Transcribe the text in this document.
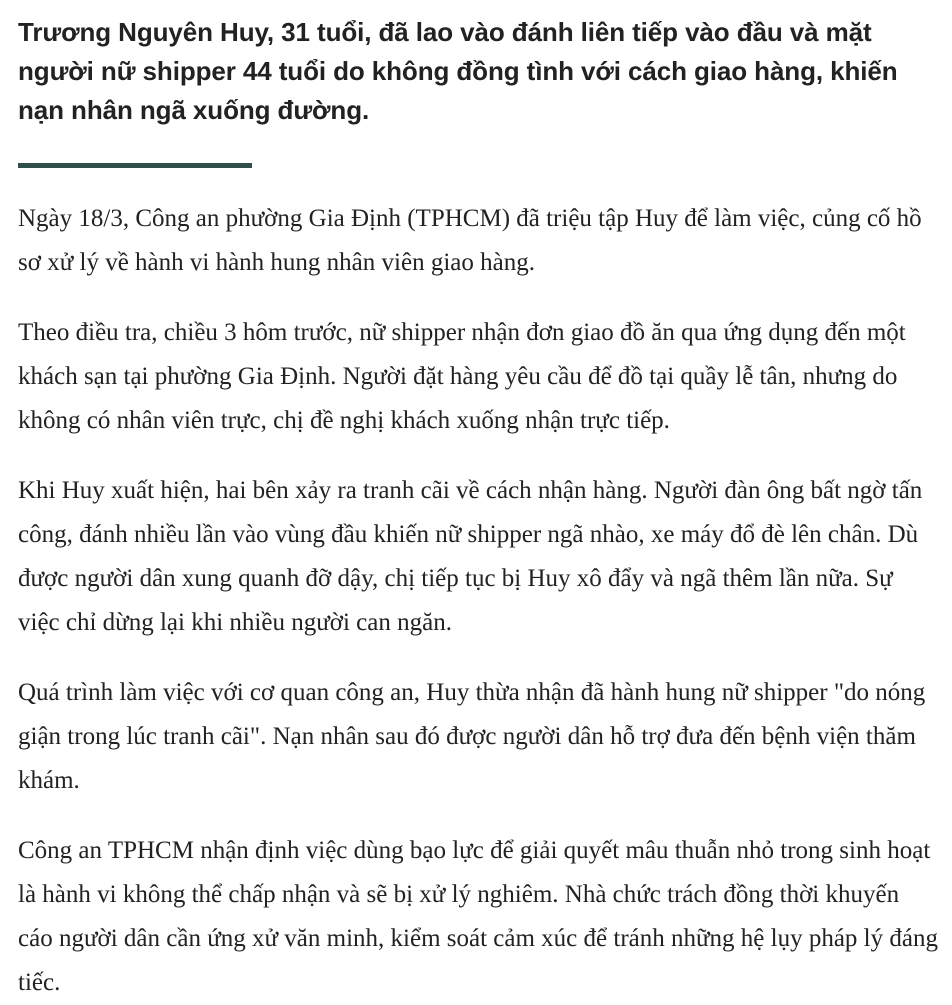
Trương Nguyên Huy, 31 tuổi, đã lao vào đánh liên tiếp vào đầu và mặt người nữ shipper 44 tuổi do không đồng tình với cách giao hàng, khiến nạn nhân ngã xuống đường.

Ngày 18/3, Công an phường Gia Định (TPHCM) đã triệu tập Huy để làm việc, củng cố hồ sơ xử lý về hành vi hành hung nhân viên giao hàng.

Theo điều tra, chiều 3 hôm trước, nữ shipper nhận đơn giao đồ ăn qua ứng dụng đến một khách sạn tại phường Gia Định. Người đặt hàng yêu cầu để đồ tại quầy lễ tân, nhưng do không có nhân viên trực, chị đề nghị khách xuống nhận trực tiếp.

Khi Huy xuất hiện, hai bên xảy ra tranh cãi về cách nhận hàng. Người đàn ông bất ngờ tấn công, đánh nhiều lần vào vùng đầu khiến nữ shipper ngã nhào, xe máy đổ đè lên chân. Dù được người dân xung quanh đỡ dậy, chị tiếp tục bị Huy xô đẩy và ngã thêm lần nữa. Sự việc chỉ dừng lại khi nhiều người can ngăn.

Quá trình làm việc với cơ quan công an, Huy thừa nhận đã hành hung nữ shipper "do nóng giận trong lúc tranh cãi". Nạn nhân sau đó được người dân hỗ trợ đưa đến bệnh viện thăm khám.

Công an TPHCM nhận định việc dùng bạo lực để giải quyết mâu thuẫn nhỏ trong sinh hoạt là hành vi không thể chấp nhận và sẽ bị xử lý nghiêm. Nhà chức trách đồng thời khuyến cáo người dân cần ứng xử văn minh, kiểm soát cảm xúc để tránh những hệ lụy pháp lý đáng tiếc.
